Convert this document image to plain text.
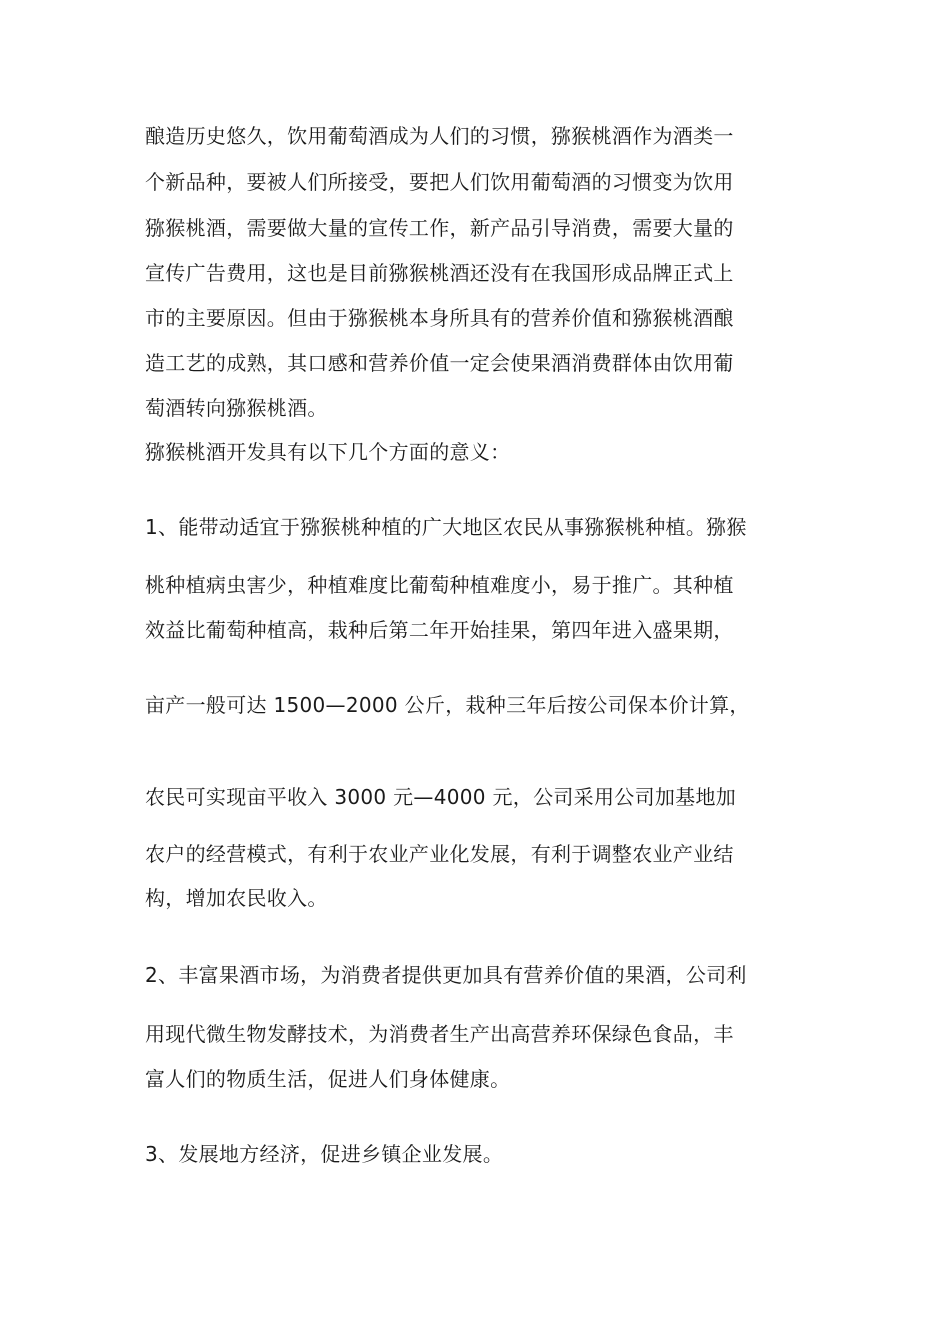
酿造历史悠久，饮用葡萄酒成为人们的习惯，猕猴桃酒作为酒类一
个新品种，要被人们所接受，要把人们饮用葡萄酒的习惯变为饮用
猕猴桃酒，需要做大量的宣传工作，新产品引导消费，需要大量的
宣传广告费用，这也是目前猕猴桃酒还没有在我国形成品牌正式上
市的主要原因。但由于猕猴桃本身所具有的营养价值和猕猴桃酒酿
造工艺的成熟，其口感和营养价值一定会使果酒消费群体由饮用葡
萄酒转向猕猴桃酒。
猕猴桃酒开发具有以下几个方面的意义：
1、能带动适宜于猕猴桃种植的广大地区农民从事猕猴桃种植。猕猴
桃种植病虫害少，种植难度比葡萄种植难度小，易于推广。其种植
效益比葡萄种植高，栽种后第二年开始挂果，第四年进入盛果期，
亩产一般可达 1500—2000 公斤，栽种三年后按公司保本价计算，
农民可实现亩平收入 3000 元—4000 元，公司采用公司加基地加
农户的经营模式，有利于农业产业化发展，有利于调整农业产业结
构，增加农民收入。
2、丰富果酒市场，为消费者提供更加具有营养价值的果酒，公司利
用现代微生物发酵技术，为消费者生产出高营养环保绿色食品，丰
富人们的物质生活，促进人们身体健康。
3、发展地方经济，促进乡镇企业发展。
